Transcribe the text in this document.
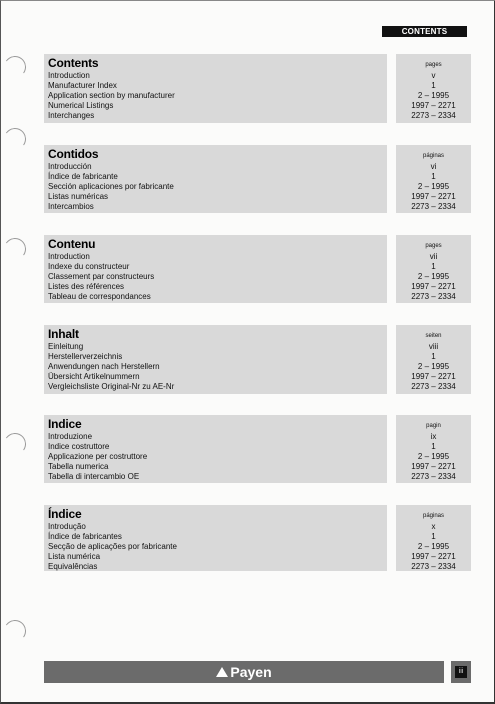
CONTENTS
Contents
Introduction
Manufacturer Index
Application section by manufacturer
Numerical Listings
Interchanges
pages
v
1
2 – 1995
1997 – 2271
2273 – 2334
Contidos
Introducción
Índice de fabricante
Sección aplicaciones por fabricante
Listas numéricas
Intercambios
páginas
vi
1
2 – 1995
1997 – 2271
2273 – 2334
Contenu
Introduction
Indexe du constructeur
Classement par constructeurs
Listes des références
Tableau de correspondances
pages
vii
1
2 – 1995
1997 – 2271
2273 – 2334
Inhalt
Einleitung
Herstellerverzeichnis
Anwendungen nach Herstellern
Übersicht Artikelnummern
Vergleichsliste Original-Nr zu AE-Nr
seiten
viii
1
2 – 1995
1997 – 2271
2273 – 2334
Indice
Introduzione
Indice costruttore
Applicazione per costruttore
Tabella numerica
Tabella di intercambio OE
pagin
ix
1
2 – 1995
1997 – 2271
2273 – 2334
Índice
Introdução
Índice de fabricantes
Secção de aplicações por fabricante
Lista numérica
Equivalências
páginas
x
1
2 – 1995
1997 – 2271
2273 – 2334
Payen	iii
